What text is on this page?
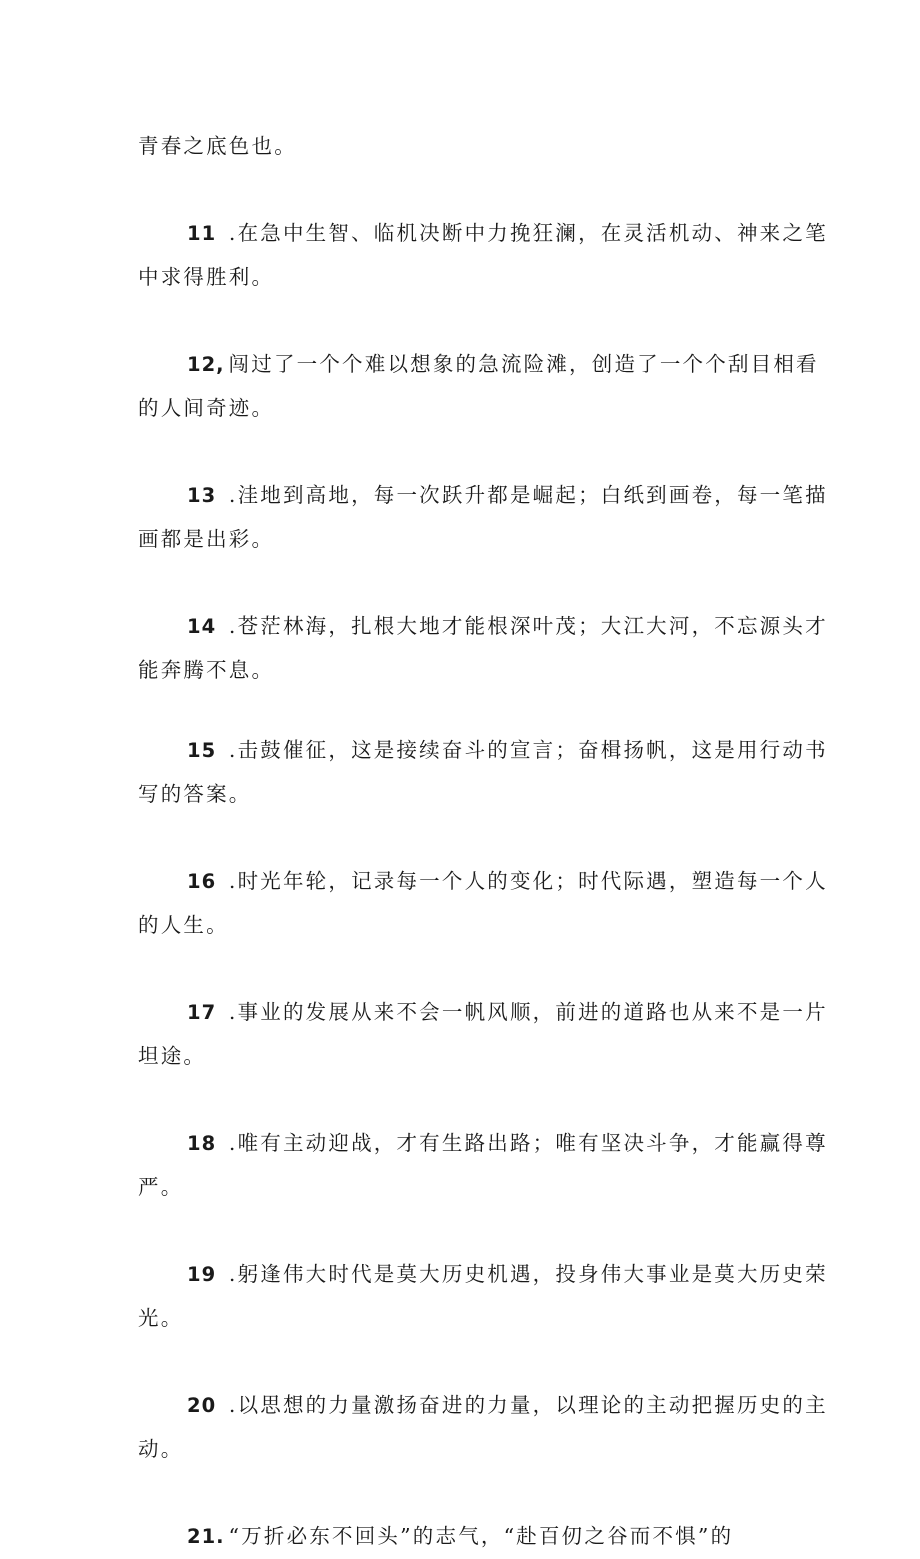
青春之底色也。
11 .在急中生智、临机决断中力挽狂澜，在灵活机动、神来之笔
中求得胜利。
12, 闯过了一个个难以想象的急流险滩，创造了一个个刮目相看
的人间奇迹。
13 .洼地到高地，每一次跃升都是崛起；白纸到画卷，每一笔描
画都是出彩。
14 .苍茫林海，扎根大地才能根深叶茂；大江大河，不忘源头才
能奔腾不息。
15 .击鼓催征，这是接续奋斗的宣言；奋楫扬帆，这是用行动书
写的答案。
16 .时光年轮，记录每一个人的变化；时代际遇，塑造每一个人
的人生。
17 .事业的发展从来不会一帆风顺，前进的道路也从来不是一片
坦途。
18 .唯有主动迎战，才有生路出路；唯有坚决斗争，才能赢得尊
严。
19 .躬逢伟大时代是莫大历史机遇，投身伟大事业是莫大历史荣
光。
20 .以思想的力量激扬奋进的力量，以理论的主动把握历史的主
动。
21. “万折必东不回头”的志气，“赴百仞之谷而不惧”的
